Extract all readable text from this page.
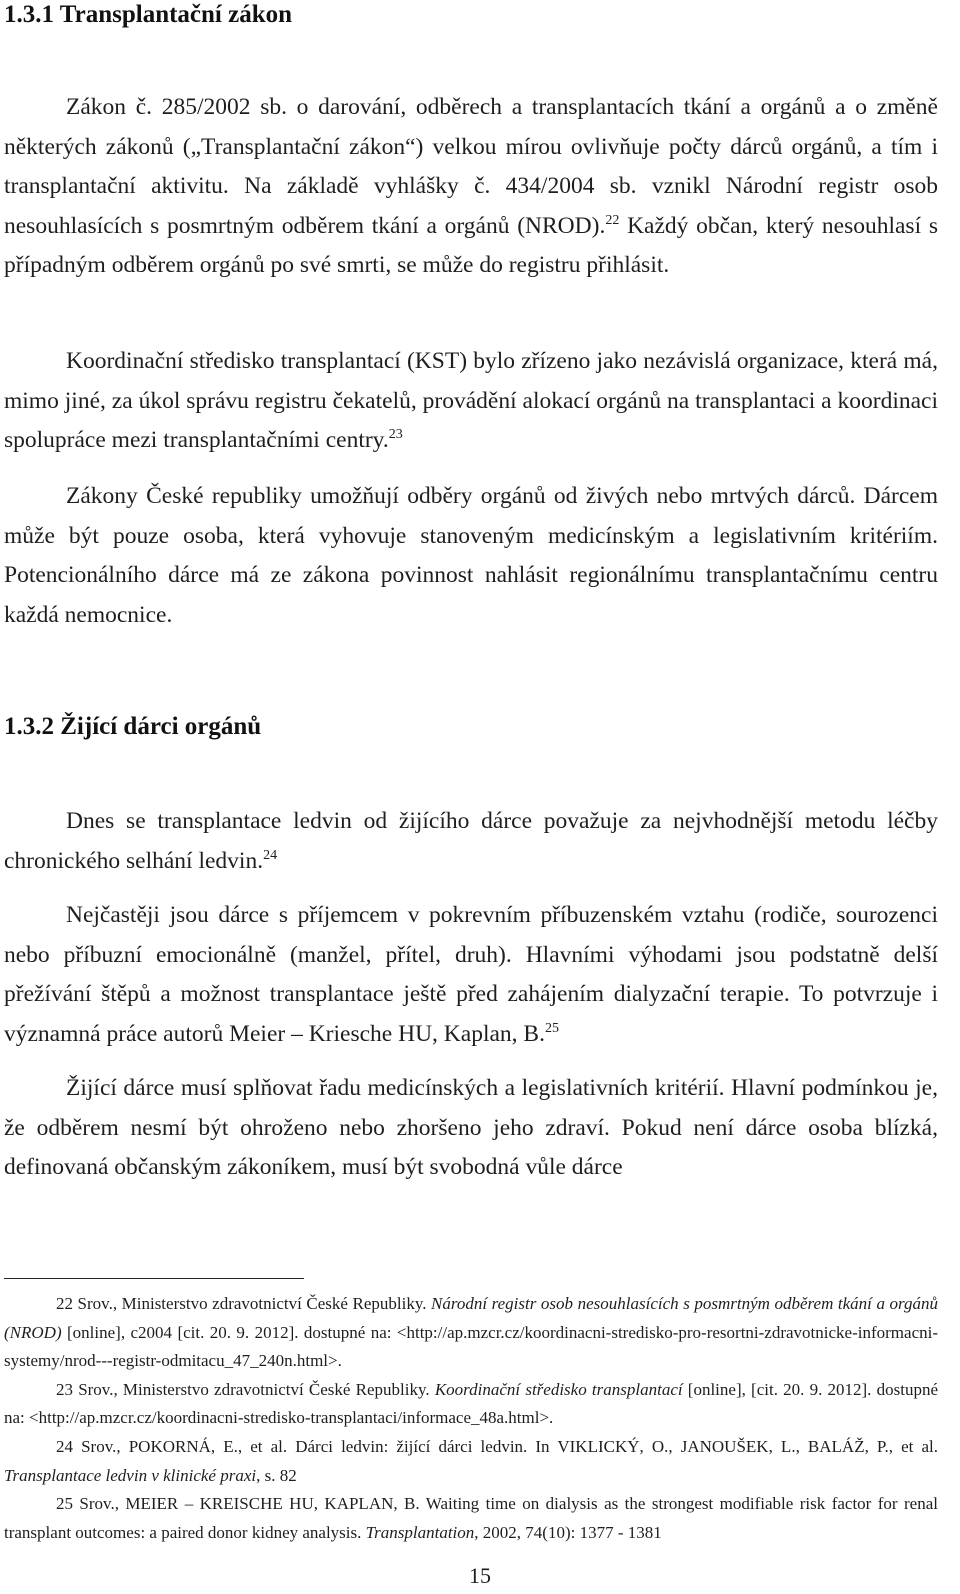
1.3.1 Transplantační zákon

Zákon č. 285/2002 sb. o darování, odběrech a transplantacích tkání a orgánů a o změně některých zákonů („Transplantační zákon“) velkou mírou ovlivňuje počty dárců orgánů, a tím i transplantační aktivitu. Na základě vyhlášky č. 434/2004 sb. vznikl Národní registr osob nesouhlasících s posmrtným odběrem tkání a orgánů (NROD).$^{22}$ Každý občan, který nesouhlasí s případným odběrem orgánů po své smrti, se může do registru přihlásit.

Koordinační středisko transplantací (KST) bylo zřízeno jako nezávislá organizace, která má, mimo jiné, za úkol správu registru čekatelů, provádění alokací orgánů na transplantaci a koordinaci spolupráce mezi transplantačními centry.$^{23}$

Zákony České republiky umožňují odběry orgánů od živých nebo mrtvých dárců. Dárcem může být pouze osoba, která vyhovuje stanoveným medicínským a legislativním kritériím. Potencionálního dárce má ze zákona povinnost nahlásit regionálnímu transplantačnímu centru každá nemocnice.

1.3.2 Žijící dárci orgánů

Dnes se transplantace ledvin od žijícího dárce považuje za nejvhodnější metodu léčby chronického selhání ledvin.$^{24}$

Nejčastěji jsou dárce s příjemcem v pokrevním příbuzenském vztahu (rodiče, sourozenci nebo příbuzní emocionálně (manžel, přítel, druh). Hlavními výhodami jsou podstatně delší přežívání štěpů a možnost transplantace ještě před zahájením dialyzační terapie. To potvrzuje i významná práce autorů Meier – Kriesche HU, Kaplan, B.$^{25}$

Žijící dárce musí splňovat řadu medicínských a legislativních kritérií. Hlavní podmínkou je, že odběrem nesmí být ohroženo nebo zhoršeno jeho zdraví. Pokud není dárce osoba blízká, definovaná občanským zákoníkem, musí být svobodná vůle dárce

22 Srov., Ministerstvo zdravotnictví České Republiky. Národní registr osob nesouhlasících s posmrtným odběrem tkání a orgánů (NROD) [online], c2004 [cit. 20. 9. 2012]. dostupné na: <http://ap.mzcr.cz/koordinacni-stredisko-pro-resortni-zdravotnicke-informacni-systemy/nrod---registr-odmitacu_47_240n.html>.

23 Srov., Ministerstvo zdravotnictví České Republiky. Koordinační středisko transplantací [online], [cit. 20. 9. 2012]. dostupné na: <http://ap.mzcr.cz/koordinacni-stredisko-transplantaci/informace_48a.html>.

24 Srov., POKORNÁ, E., et al. Dárci ledvin: žijící dárci ledvin. In VIKLICKÝ, O., JANOUŠEK, L., BALÁŽ, P., et al. Transplantace ledvin v klinické praxi, s. 82

25 Srov., MEIER – KREISCHE HU, KAPLAN, B. Waiting time on dialysis as the strongest modifiable risk factor for renal transplant outcomes: a paired donor kidney analysis. Transplantation, 2002, 74(10): 1377 - 1381

15
